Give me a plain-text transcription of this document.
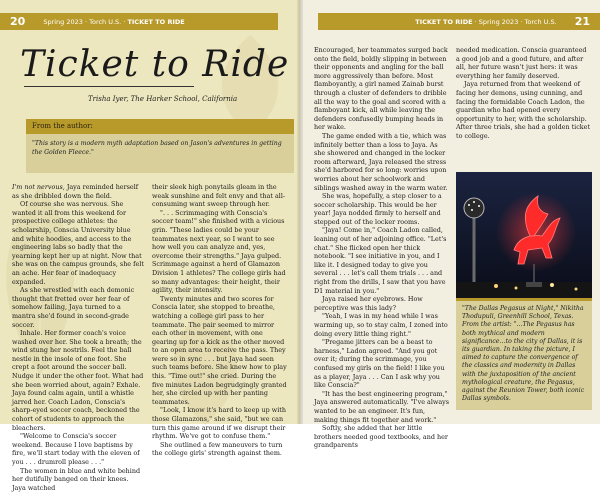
20	Spring 2023 · Torch U.S. · TICKET TO RIDE
Ticket to Ride
Trisha Iyer, The Harker School, California
From the author:
"This story is a modern myth adaptation based on Jason's adventures in getting the Golden Fleece."

I'm not nervous, Jaya reminded herself as she dribbled down the field.

Of course she was nervous. She wanted it all from this weekend for prospective college athletes: the scholarship, Conscia University blue and white hoodies, and access to the engineering labs so badly that the yearning kept her up at night. Now that she was on the campus grounds, she felt an ache. Her fear of inadequacy expanded.

As she wrestled with each demonic thought that fretted over her fear of somehow failing, Jaya turned to a mantra she'd found in second-grade soccer.

Inhale. Her former coach's voice washed over her. She took a breath; the wind stung her nostrils. Feel the ball nestle in the insole of one foot. She crept a foot around the soccer ball. Nudge it under the other foot. What had she been worried about, again? Exhale. Jaya found calm again, until a whistle jarred her. Coach Ladon, Conscia's sharp-eyed soccer coach, beckoned the cohort of students to approach the bleachers.

"Welcome to Conscia's soccer weekend. Because I love baptisms by fire, we'll start today with the eleven of you . . . drumroll please . . ."

The women in blue and white behind her dutifully banged on their knees. Jaya watched

their sleek high ponytails gleam in the weak sunshine and felt envy and that all-consuming want sweep through her.

". . . Scrimmaging with Conscia's soccer team!" she finished with a vicious grin. "These ladies could be your teammates next year, so I want to see how well you can analyze and, yes, overcome their strengths." Jaya gulped. Scrimmage against a herd of Glamazon Division 1 athletes? The college girls had so many advantages: their height, their agility, their intensity.

Twenty minutes and two scores for Conscia later, she stopped to breathe, watching a college girl pass to her teammate. The pair seemed to mirror each other in movement, with one gearing up for a kick as the other moved to an open area to receive the pass. They were so in sync . . . but Jaya had seen such teams before. She knew how to play this. "Time out!" she cried. During the five minutes Ladon begrudgingly granted her, she circled up with her panting teammates.

"Look, I know it's hard to keep up with those Glamazons," she said, "but we can turn this game around if we disrupt their rhythm. We've got to confuse them."

She outlined a few maneuvers to turn the college girls' strength against them.

TICKET TO RIDE · Spring 2023 · Torch U.S. 21

Encouraged, her teammates surged back onto the field, boldly slipping in between their opponents and angling for the ball more aggressively than before. Most flamboyantly, a girl named Zainab burst through a cluster of defenders to dribble all the way to the goal and scored with a flamboyant kick, all while leaving the defenders confusedly bumping heads in her wake.

The game ended with a tie, which was infinitely better than a loss to Jaya. As she showered and changed in the locker room afterward, Jaya released the stress she'd harbored for so long: worries upon worries about her schoolwork and siblings washed away in the warm water.

She was, hopefully, a step closer to a soccer scholarship. This would be her year! Jaya nodded firmly to herself and stepped out of the locker rooms.

"Jaya! Come in," Coach Ladon called, leaning out of her adjoining office. "Let's chat." She flicked open her thick notebook. "I see initiative in you, and I like it. I designed today to give you several . . . let's call them trials . . . and right from the drills, I saw that you have D1 material in you."

Jaya raised her eyebrows. How perceptive was this lady?

"Yeah, I was in my head while I was warming up, so to stay calm, I zoned into doing every little thing right."

"Pregame jitters can be a beast to harness," Ladon agreed. "And you got over it; during the scrimmage, you confused my girls on the field! I like you as a player, Jaya . . . Can I ask why you like Conscia?"

"It has the best engineering program," Jaya answered automatically. "I've always wanted to be an engineer. It's fun, making things fit together and work."

Softly, she added that her little brothers needed good textbooks, and her grandparents

needed medication. Conscia guaranteed a good job and a good future, and after all, her future wasn't just hers: it was everything her family deserved.

Jaya returned from that weekend of facing her demons, using cunning, and facing the formidable Coach Ladon, the guardian who had opened every opportunity to her, with the scholarship. After three trials, she had a golden ticket to college.

"The Dallas Pegasus at Night," Nikitha Thodupuli, Greenhill School, Texas. From the artist: "...The Pegasus has both mythical and modern significance…to the city of Dallas, it is its guardian. In taking the picture, I aimed to capture the convergence of the classics and modernity in Dallas with the juxtaposition of the ancient mythological creature, the Pegasus, against the Reunion Tower, both iconic Dallas symbols.
